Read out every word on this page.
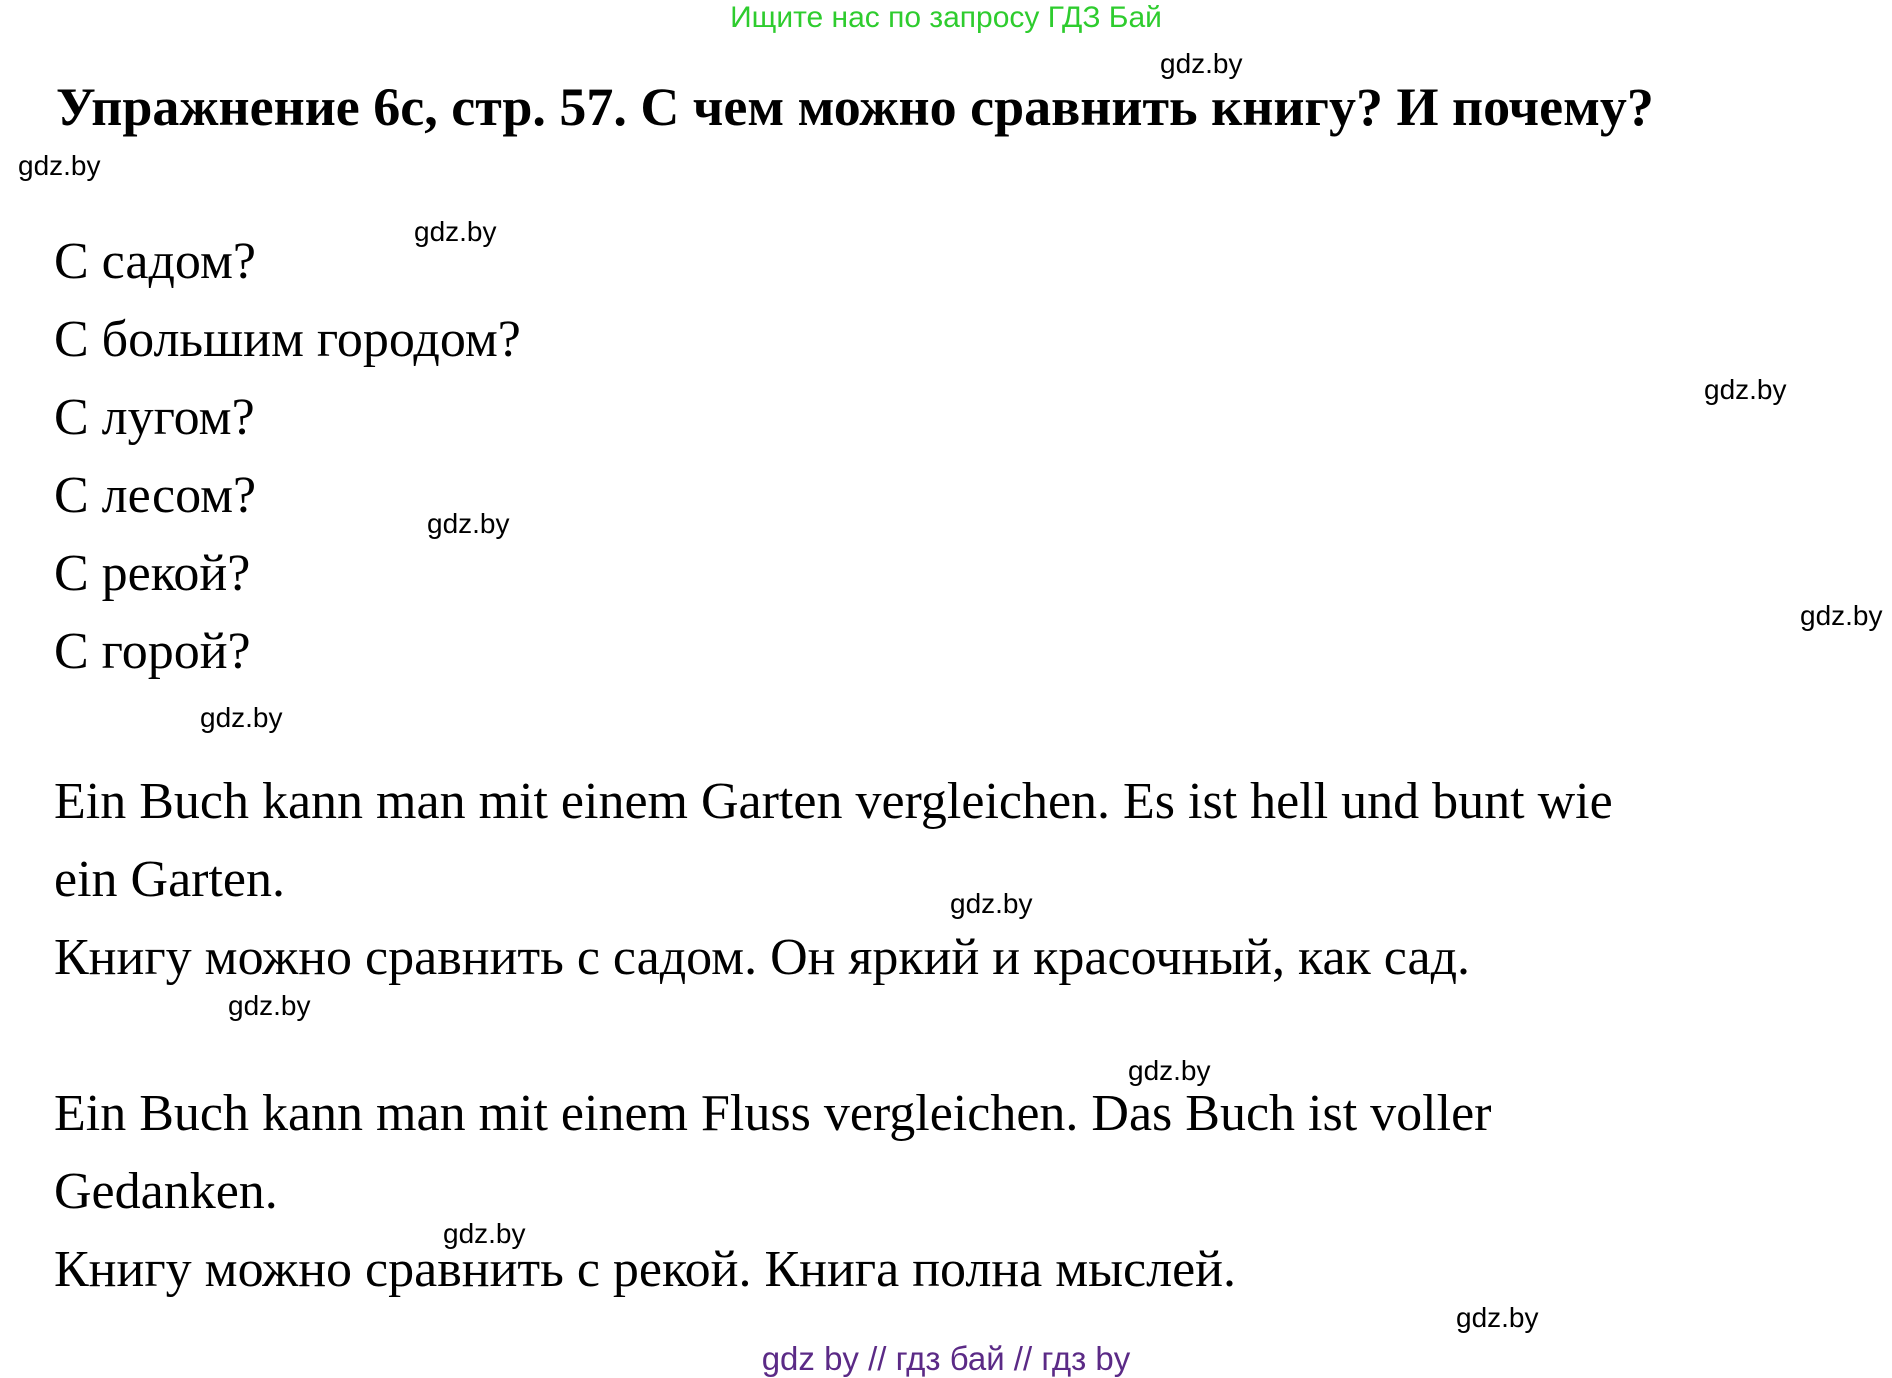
Ищите нас по запросу ГДЗ Бай
Упражнение 6c, стр. 57. С чем можно сравнить книгу? И почему?
С садом?
С большим городом?
С лугом?
С лесом?
С рекой?
С горой?
Ein Buch kann man mit einem Garten vergleichen. Es ist hell und bunt wie
ein Garten.
Книгу можно сравнить с садом. Он яркий и красочный, как сад.
Ein Buch kann man mit einem Fluss vergleichen. Das Buch ist voller
Gedanken.
Книгу можно сравнить с рекой. Книга полна мыслей.
gdz.by
gdz.by
gdz.by
gdz.by
gdz.by
gdz.by
gdz.by
gdz.by
gdz.by
gdz.by
gdz.by
gdz.by
gdz by // гдз бай // гдз by
